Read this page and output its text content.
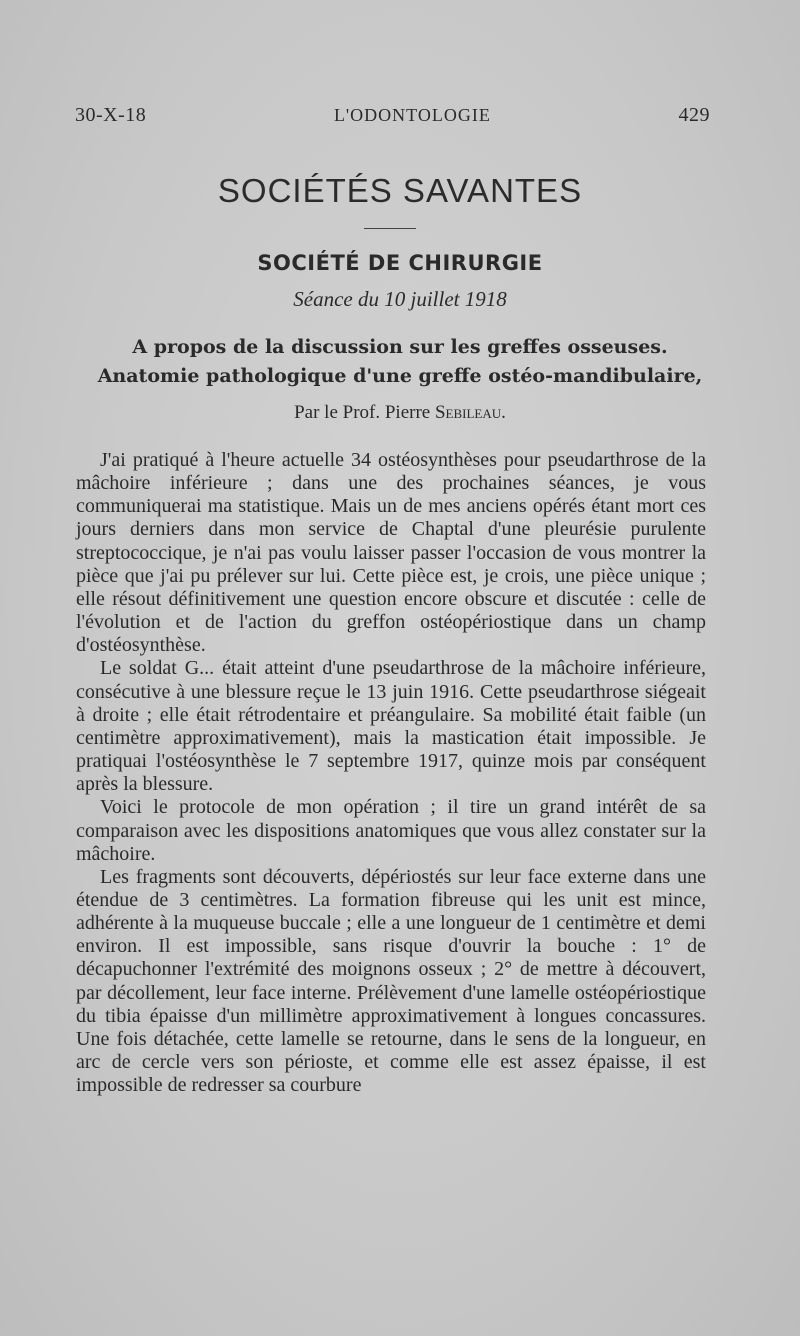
30-X-18	L'ODONTOLOGIE	429
SOCIÉTÉS SAVANTES
SOCIÉTÉ DE CHIRURGIE
Séance du 10 juillet 1918
A propos de la discussion sur les greffes osseuses.
Anatomie pathologique d'une greffe ostéo-mandibulaire,
Par le Prof. Pierre Sebileau.

J'ai pratiqué à l'heure actuelle 34 ostéosynthèses pour pseudarthrose de la mâchoire inférieure ; dans une des prochaines séances, je vous communiquerai ma statistique. Mais un de mes anciens opérés étant mort ces jours derniers dans mon service de Chaptal d'une pleurésie purulente streptococcique, je n'ai pas voulu laisser passer l'occasion de vous montrer la pièce que j'ai pu prélever sur lui. Cette pièce est, je crois, une pièce unique ; elle résout définitivement une question encore obscure et discutée : celle de l'évolution et de l'action du greffon ostéopériostique dans un champ d'ostéosynthèse.

Le soldat G... était atteint d'une pseudarthrose de la mâchoire inférieure, consécutive à une blessure reçue le 13 juin 1916. Cette pseudarthrose siégeait à droite ; elle était rétrodentaire et préangulaire. Sa mobilité était faible (un centimètre approximativement), mais la mastication était impossible. Je pratiquai l'ostéosynthèse le 7 septembre 1917, quinze mois par conséquent après la blessure.

Voici le protocole de mon opération ; il tire un grand intérêt de sa comparaison avec les dispositions anatomiques que vous allez constater sur la mâchoire.

Les fragments sont découverts, dépériostés sur leur face externe dans une étendue de 3 centimètres. La formation fibreuse qui les unit est mince, adhérente à la muqueuse buccale ; elle a une longueur de 1 centimètre et demi environ. Il est impossible, sans risque d'ouvrir la bouche : 1° de décapuchonner l'extrémité des moignons osseux ; 2° de mettre à découvert, par décollement, leur face interne. Prélèvement d'une lamelle ostéopériostique du tibia épaisse d'un millimètre approximativement à longues concassures. Une fois détachée, cette lamelle se retourne, dans le sens de la longueur, en arc de cercle vers son périoste, et comme elle est assez épaisse, il est impossible de redresser sa courbure
